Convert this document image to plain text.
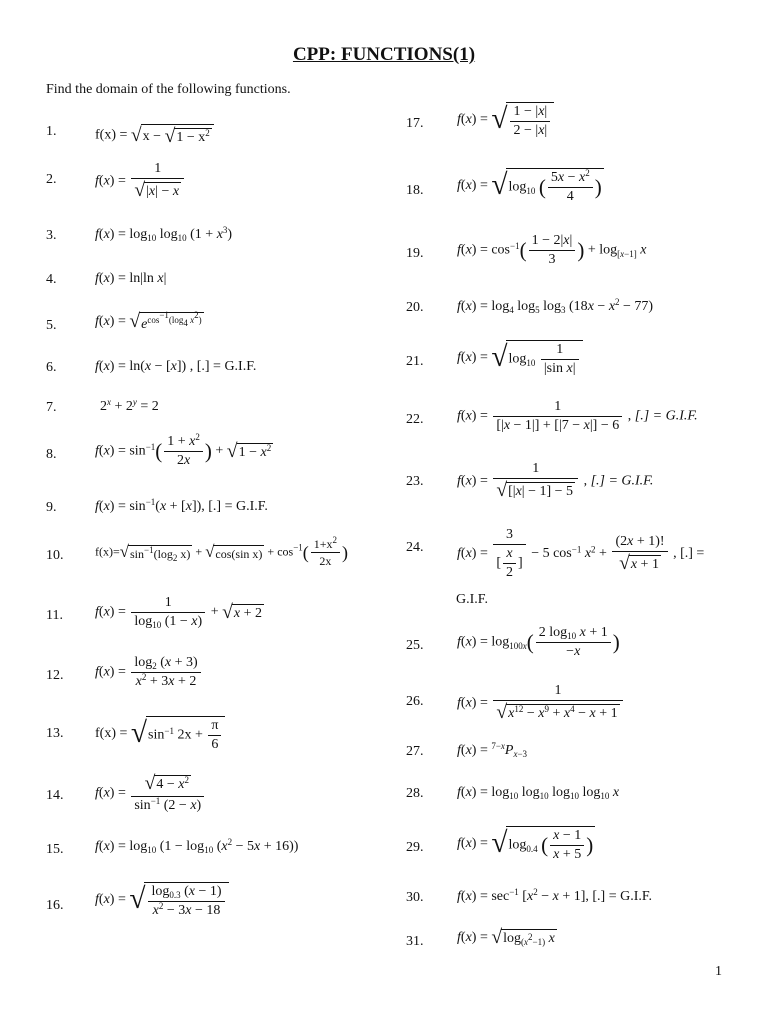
CPP: FUNCTIONS(1)
Find the domain of the following functions.
1.	$f(x) = √x - √1 - x^2$
2.	$f(x) = \frac{1}{√|x| - x}$
3.	$f(x) = \log_{10} \log_{10} (1 + x^3)$
4.	f(x) = ln|ln x|
5.	$f(x) = √e^{cos^{-1}(log_4 x^2)}$
6.	f(x) = ln(x − [x]) , [.] = G.I.F.
7.	$2^x + 2^y = 2$
8.	$f(x) = \sin^{-1}( \frac{1 + x^2}{2x}$ ) + $√1 - x^2$
9.	$f(x) = \sin^{-1}(x + [x])$, [.] = G.I.F.
10.	$f(x)=√\sin^{-1}(\log_2$ x) + √cos(sin $x) + \cos^{-1}( \frac{1+x^2}{2x}$ )
11. $f(x) = \frac{1}{\log_{10} (1 - x)} + √x + 2$
12. $f(x) = \frac{\log_2 (x + 3)}{x^2 + 3x + 2}$
13. $f(x) = √\sin^{-1}$ $2x + \frac{\pi}{6}$
14. $f(x) = \frac{√4 - x^2}{\sin^{-1} (2 - x)}$
15. $f(x) = \log_{10} (1 - \log_{10} (x^2 - 5x + 16))$
16. f(x) = √ $\frac{\log_{0.3} (x - 1)}{x^2 - 3x - 18}$
17. f(x) = √ $\frac{1 - |x|}{2 - |x|}$
18. $f(x) = √\log_{10}$ ( $\frac{5x - x^2}{4}$ )
19. $f(x) = \cos^{-1}( \frac{1 - 2|x|}{3}$ ) + $\log_{[x-1]} x$
20. $f(x) = \log_4 \log_5 \log_3 (18x - x^2 - 77)$
21. $f(x) = √\log_{10} \frac{1}{\text{|sin x|}}$
22. $f(x) = \frac{1}{[|x - 1|] + [|7 - x|] - 6}$ , [.] = G.I.F.
23. $f(x) = \frac{1}{√[|x| - 1] - 5}$ , [.] = G.I.F.
24. $f(x) = \frac{3}{[ \frac{x}{2} ]} - 5$ $\cos^{-1} x^2 + \frac{(2x + 1)!}{√x + 1}$ , [.] =
G.I.F.
25. $f(x) = \log_{100x}( \frac{2 \log_{10} x + 1}{-x}$ )
26. $f(x) = \frac{1}{√x^{12} - x^9 + x^4 - x + 1}$
27. $f(x) = ^{7-x}P_{x-3}$
28. $f(x) = \log_{10} \log_{10} \log_{10} \log_{10} x$
29. $f(x) = √\log_{0.4}$ ( $\frac{x - 1}{x + 5}$ )
30. $f(x) = \sec^{-1} [x^2 - x + 1]$, [.] = G.I.F.
31. $f(x) = √\log_{(x^2-1)}$ x
1
